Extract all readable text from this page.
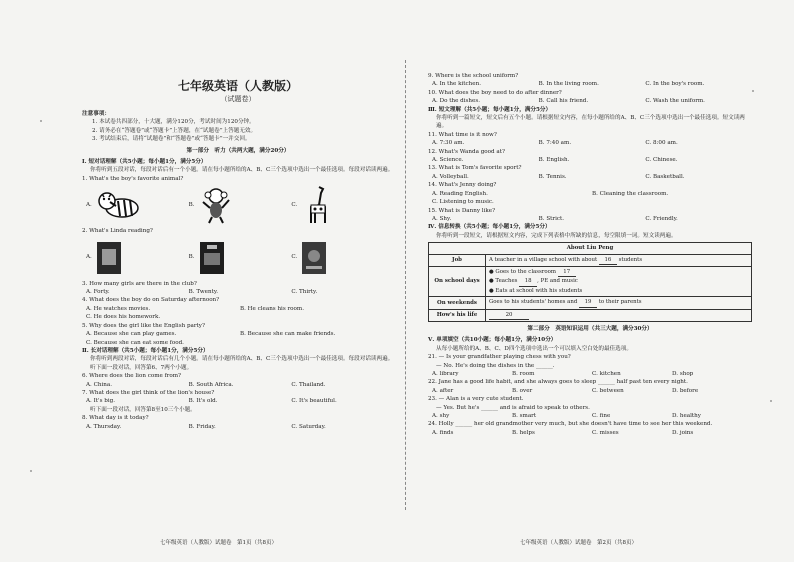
七年级英语（人教版）
（试题卷）
注意事项：
1. 本试卷共四部分，十大题，满分120分，考试时间为120分钟。
2. 请务必在“答题卷”或“答题卡”上答题，在“试题卷”上答题无效。
3. 考试结束后，请将“试题卷”和“答题卷”或“答题卡”一并交回。
第一部分　听力（共两大题，满分20分）
Ⅰ. 短对话理解（共5小题；每小题1分，满分5分）
你将听到五段对话，每段对话后有一个小题。请在每小题所给的A、B、C三个选项中选出一个最佳选项。每段对话读两遍。
1. What's the boy's favorite animal?
A.	B.	C.
2. What's Linda reading?
A.	B.	C.
3. How many girls are there in the club?
A. Forty.	B. Twenty.	C. Thirty.
4. What does the boy do on Saturday afternoon?
A. He watches movies.	B. He cleans his room.
C. He does his homework.
5. Why does the girl like the English party?
A. Because she can play games.	B. Because she can make friends.
C. Because she can eat some food.
Ⅱ. 长对话理解（共5小题；每小题1分，满分5分）
你将听到两段对话，每段对话后有几个小题。请在每小题所给的A、B、C三个选项中选出一个最佳选项。每段对话读两遍。
听下面一段对话，回答第6、7两个小题。
6. Where does the lion come from?
A. China.	B. South Africa.	C. Thailand.
7. What does the girl think of the lion's house?
A. It's big.	B. It's old.	C. It's beautiful.
听下面一段对话，回答第8至10三个小题。
8. What day is it today?
A. Thursday.	B. Friday.	C. Saturday.
9. Where is the school uniform?
A. In the kitchen.	B. In the living room.	C. In the boy's room.
10. What does the boy need to do after dinner?
A. Do the dishes.	B. Call his friend.	C. Wash the uniform.
Ⅲ. 短文理解（共5小题；每小题1分，满分5分）
你将听到一篇短文，短文后有五个小题。请根据短文内容，在每小题所给的A、B、C三个选项中选出一个最佳选项。短文读两遍。
11. What time is it now?
A. 7:30 am.	B. 7:40 am.	C. 8:00 am.
12. What's Wanda good at?
A. Science.	B. English.	C. Chinese.
13. What is Tom's favorite sport?
A. Volleyball.	B. Tennis.	C. Basketball.
14. What's Jenny doing?
A. Reading English.	B. Cleaning the classroom.
C. Listening to music.
15. What is Danny like?
A. Shy.	B. Strict.	C. Friendly.
Ⅳ. 信息转换（共5小题；每小题1分，满分5分）
你将听到一段短文，请根据短文内容，完成下列表格中所缺的信息，每空限填一词。短文读两遍。
About Liu Peng	
Job	A teacher in a village school with about 16 students
On school days	● Goes to the classroom 17
● Teaches 18 , PE and music
● Eats at school with his students

On weekends	Goes to his students' homes and 19 to their parents
How's his life	20
第二部分　英语知识运用（共三大题，满分30分）
Ⅴ. 单项填空（共10小题；每小题1分，满分10分）
从每小题所给的A、B、C、D四个选项中选出一个可以填入空白处的最佳选项。
21. — Is your grandfather playing chess with you?
— No. He's doing the dishes in the ______.
A. library	B. room	C. kitchen	D. shop
22. Jane has a good life habit, and she always goes to sleep ______ half past ten every night.
A. after	B. over	C. between	D. before
23. — Alan is a very cute student.
— Yes. But he's ______ and is afraid to speak to others.
A. shy	B. smart	C. fine	D. healthy
24. Holly ______ her old grandmother very much, but she doesn't have time to see her this weekend.
A. finds	B. helps	C. misses	D. joins
七年级英语（人教版）试题卷　第1页（共8页）	七年级英语（人教版）试题卷　第2页（共8页）
